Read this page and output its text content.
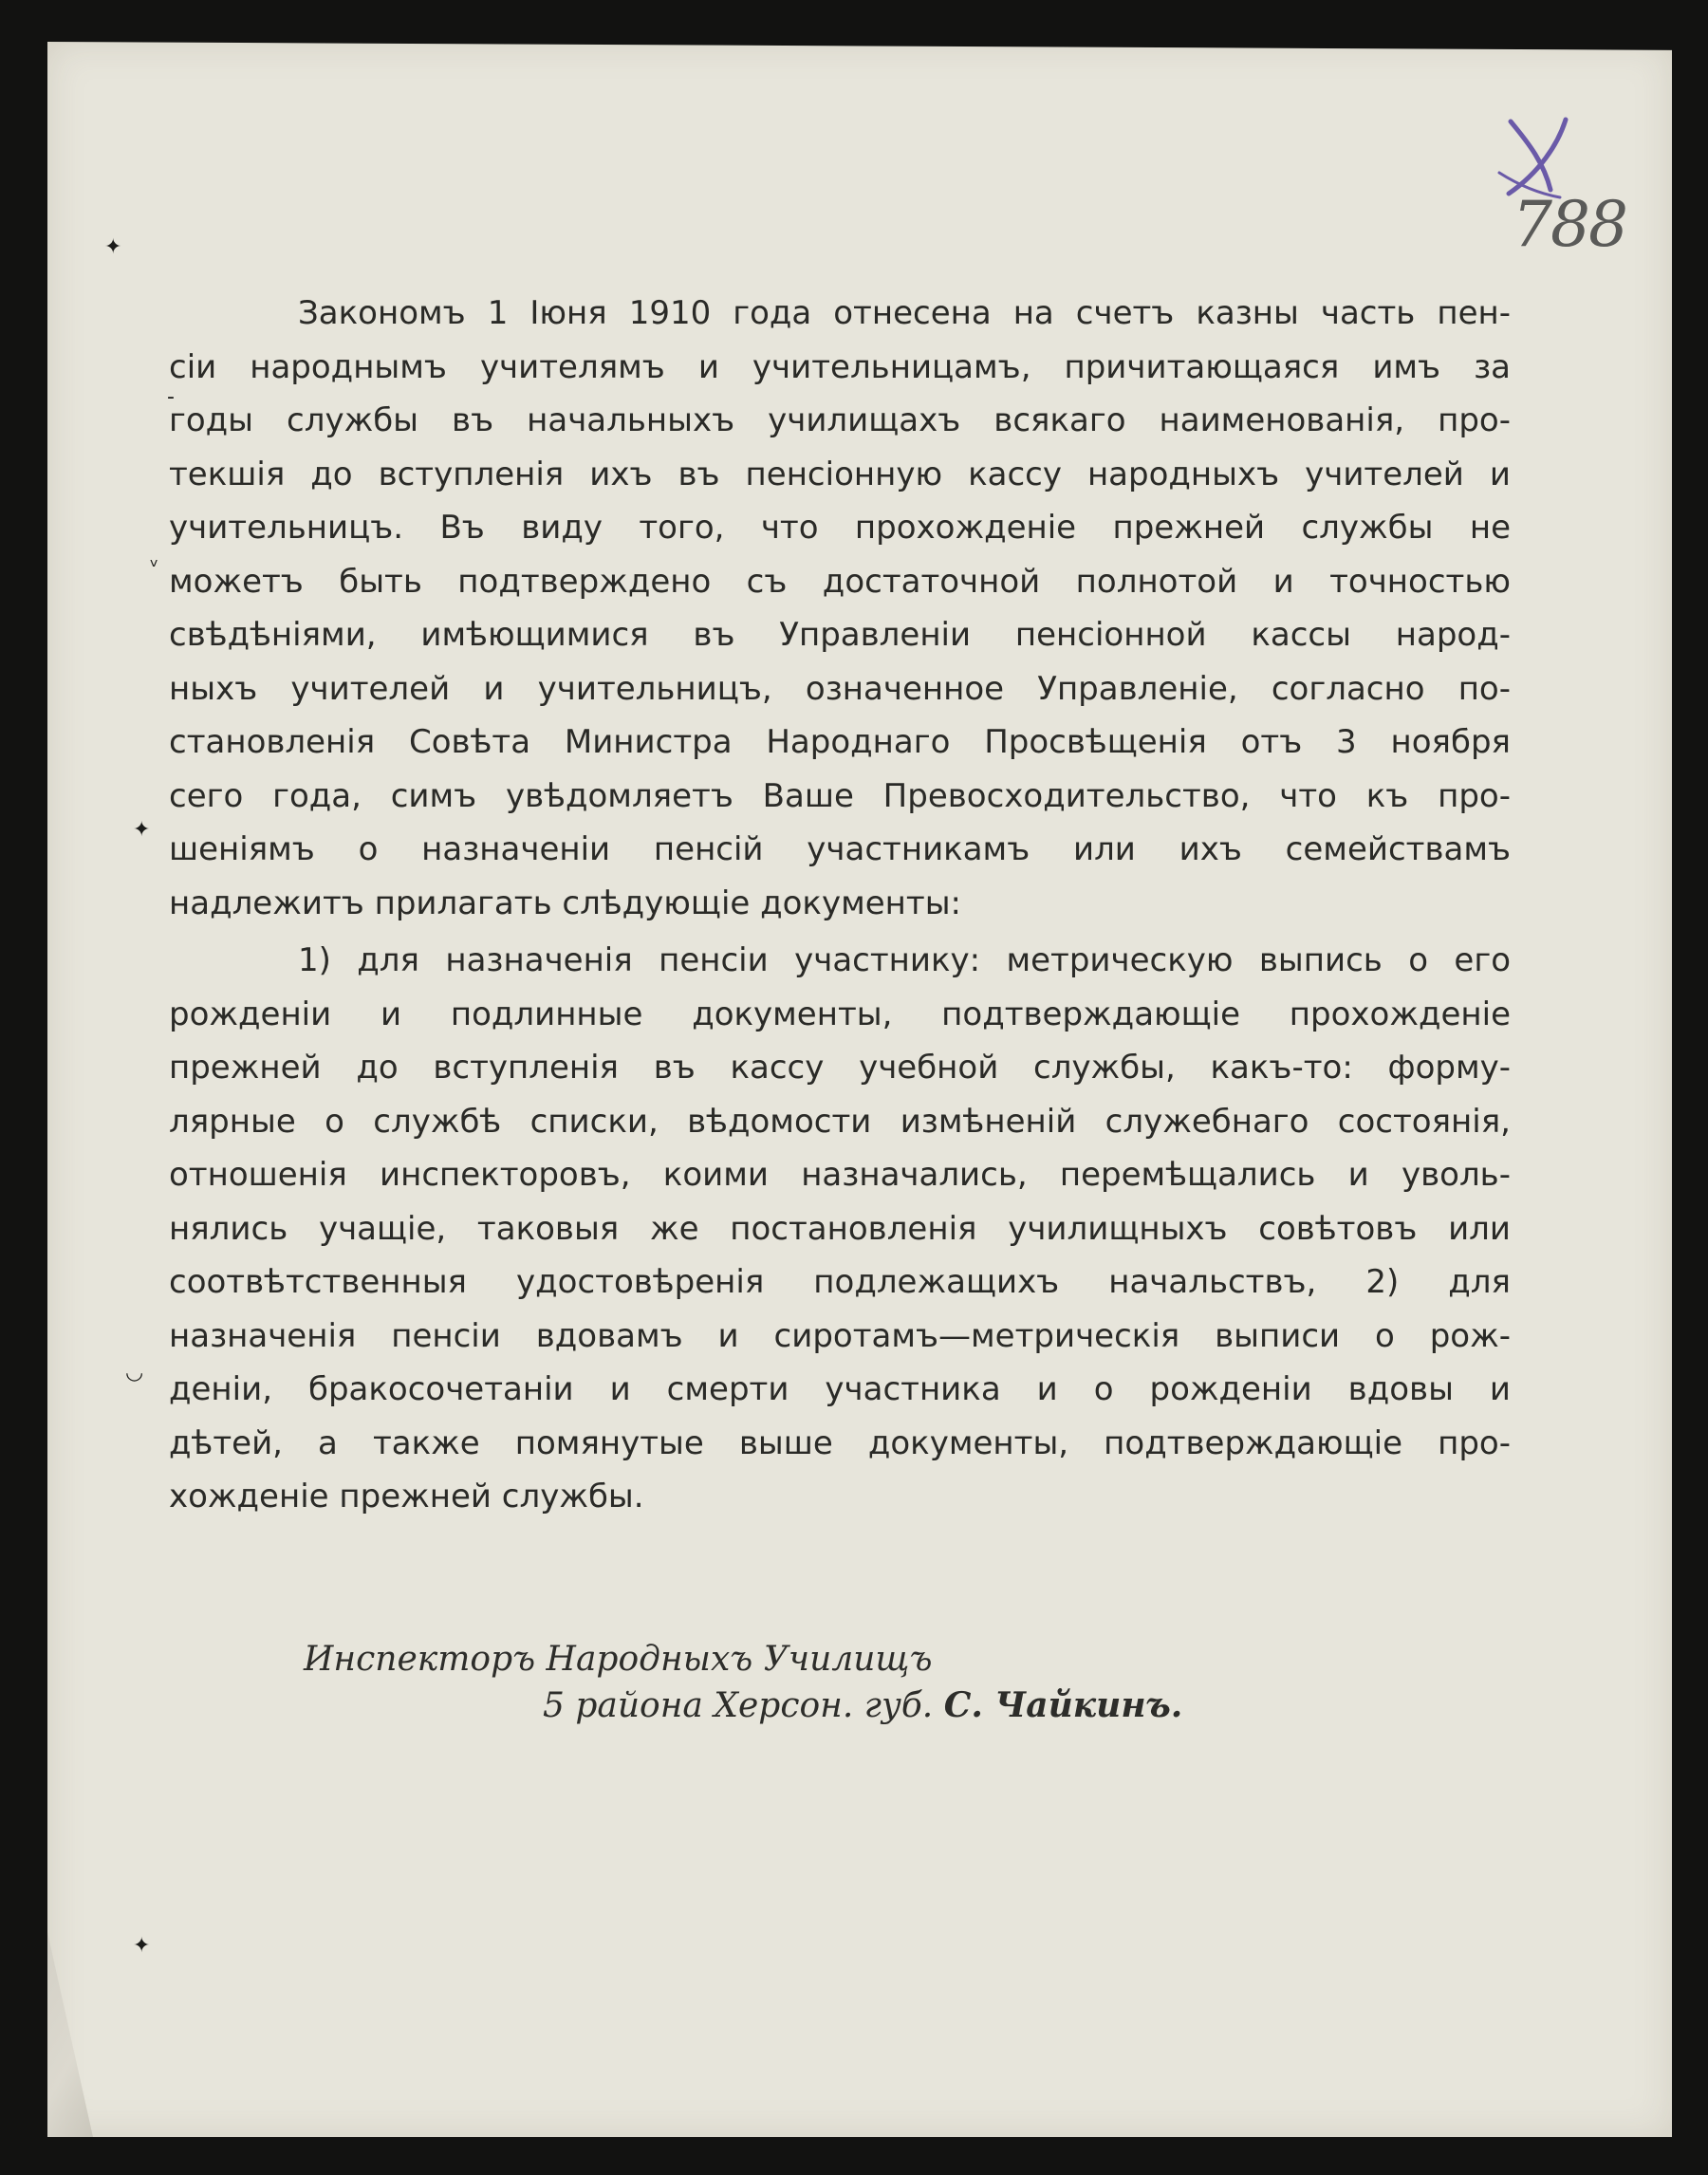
✦
-
ᵥ
✦
◡
✦
788
Закономъ 1 Іюня 1910 года отнесена на счетъ казны часть пен-
сіи народнымъ учителямъ и учительницамъ, причитающаяся имъ за
годы службы въ начальныхъ училищахъ всякаго наименованія, про-
текшія до вступленія ихъ въ пенсіонную кассу народныхъ учителей и
учительницъ. Въ виду того, что прохожденіе прежней службы не
можетъ быть подтверждено съ достаточной полнотой и точностью
свѣдѣніями, имѣющимися въ Управленіи пенсіонной кассы народ-
ныхъ учителей и учительницъ, означенное Управленіе, согласно по-
становленія Совѣта Министра Народнаго Просвѣщенія отъ 3 ноября
сего года, симъ увѣдомляетъ Ваше Превосходительство, что къ про-
шеніямъ о назначеніи пенсій участникамъ или ихъ семействамъ
надлежитъ прилагать слѣдующіе документы:
1) для назначенія пенсіи участнику: метрическую выпись о его
рожденіи и подлинные документы, подтверждающіе прохожденіе
прежней до вступленія въ кассу учебной службы, какъ-то: форму-
лярные о службѣ списки, вѣдомости измѣненій служебнаго состоянія,
отношенія инспекторовъ, коими назначались, перемѣщались и уволь-
нялись учащіе, таковыя же постановленія училищныхъ совѣтовъ или
соотвѣтственныя удостовѣренія подлежащихъ начальствъ, 2) для
назначенія пенсіи вдовамъ и сиротамъ—метрическія выписи о рож-
деніи, бракосочетаніи и смерти участника и о рожденіи вдовы и
дѣтей, а также помянутые выше документы, подтверждающіе про-
хожденіе прежней службы.
Инспекторъ Народныхъ Училищъ
5 района Херсон. губ. С. Чайкинъ.
